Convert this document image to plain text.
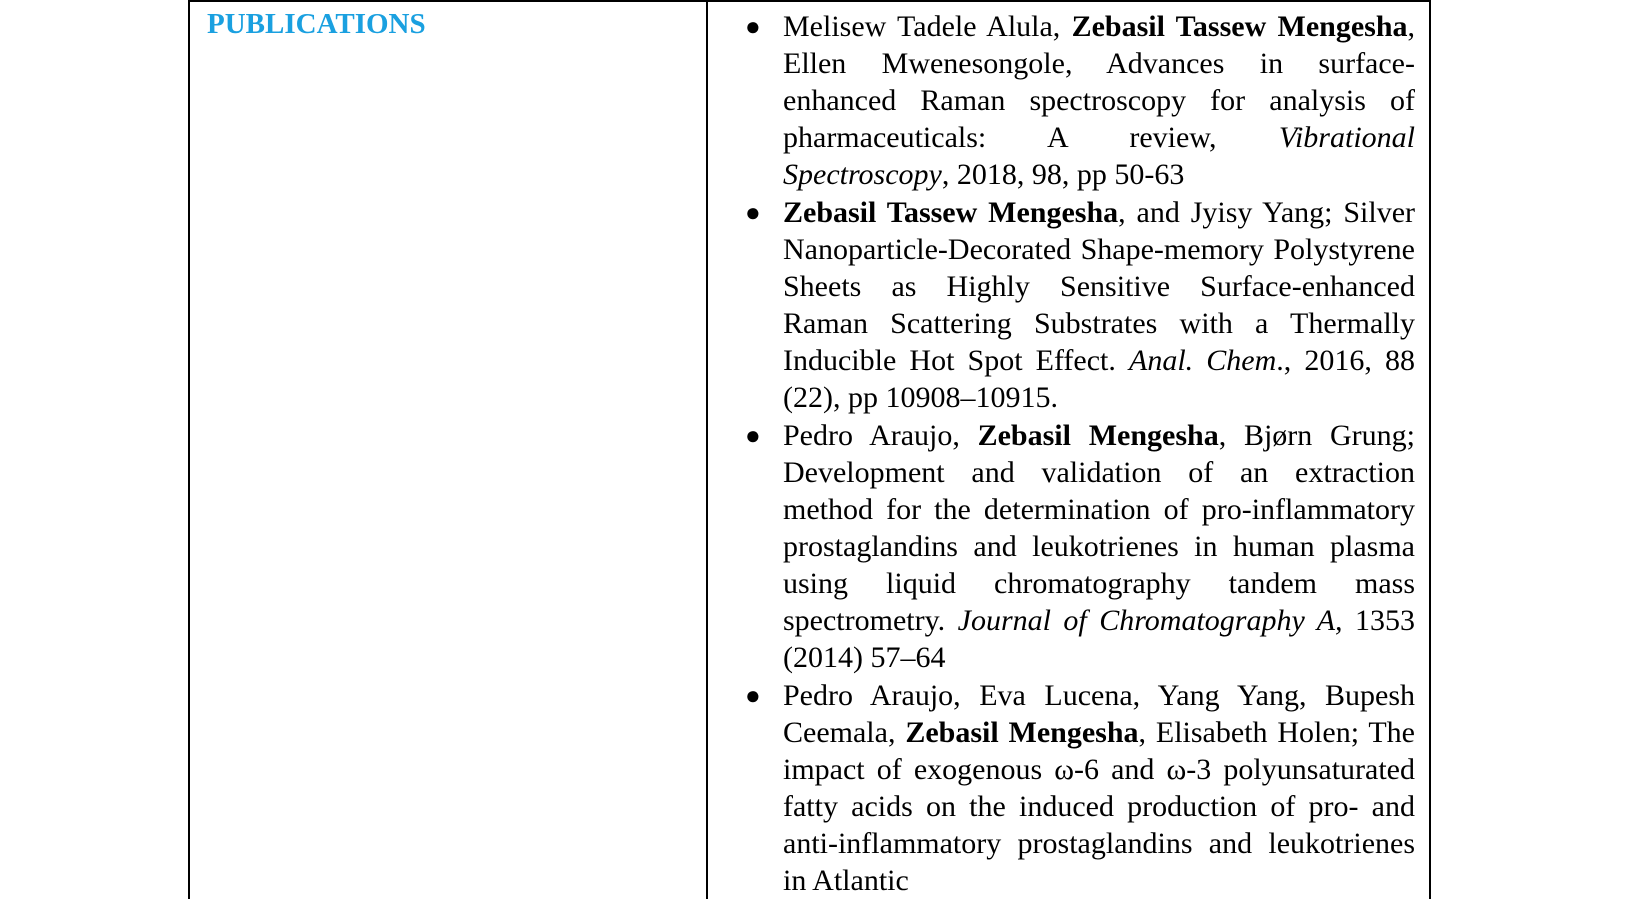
PUBLICATIONS	● Melisew Tadele Alula, Zebasil Tassew Mengesha, Ellen Mwenesongole, Advances in surface-enhanced Raman spectroscopy for analysis of pharmaceuticals: A review, Vibrational Spectroscopy, 2018, 98, pp 50-63
● Zebasil Tassew Mengesha, and Jyisy Yang; Silver Nanoparticle-Decorated Shape-memory Polystyrene Sheets as Highly Sensitive Surface-enhanced Raman Scattering Substrates with a Thermally Inducible Hot Spot Effect. Anal. Chem., 2016, 88 (22), pp 10908–10915.
● Pedro Araujo, Zebasil Mengesha, Bjørn Grung; Development and validation of an extraction method for the determination of pro-inflammatory prostaglandins and leukotrienes in human plasma using liquid chromatography tandem mass spectrometry. Journal of Chromatography A, 1353 (2014) 57–64
● Pedro Araujo, Eva Lucena, Yang Yang, Bupesh Ceemala, Zebasil Mengesha, Elisabeth Holen; The impact of exogenous ω-6 and ω-3 polyunsaturated fatty acids on the induced production of pro- and anti-inflammatory prostaglandins and leukotrienes in Atlantic
